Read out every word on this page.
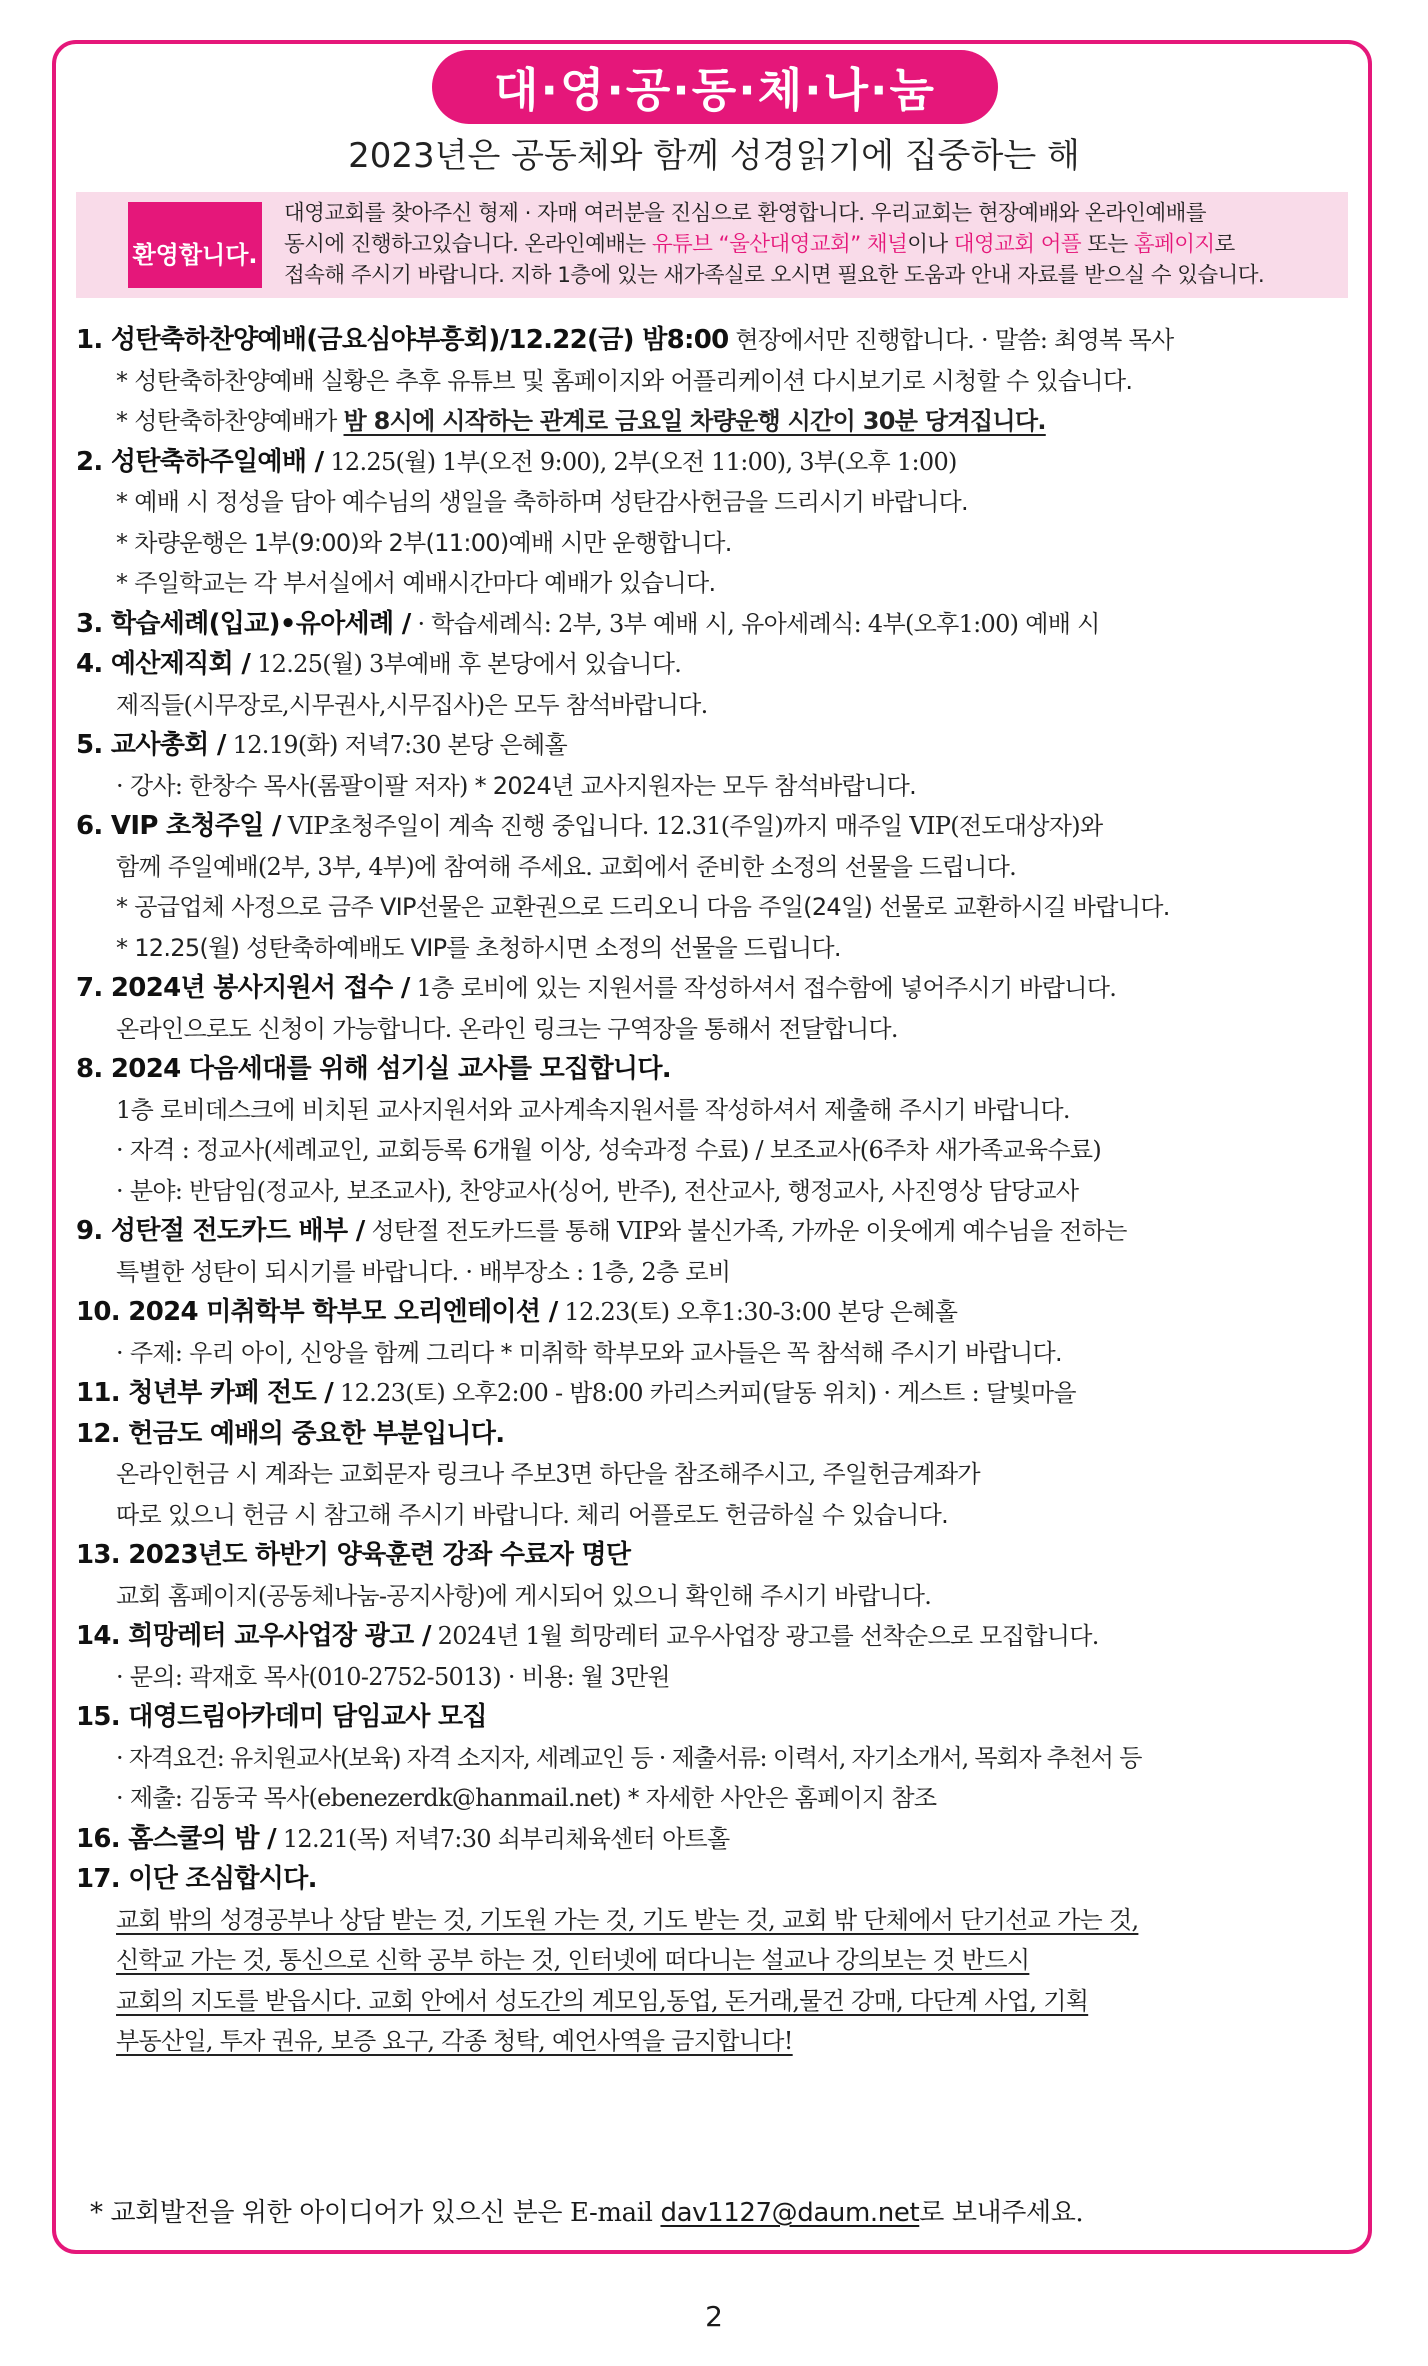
대·영·공·동·체·나·눔
2023년은 공동체와 함께 성경읽기에 집중하는 해
환영합니다.
대영교회를 찾아주신 형제 · 자매 여러분을 진심으로 환영합니다. 우리교회는 현장예배와 온라인예배를
동시에 진행하고있습니다. 온라인예배는 유튜브 “울산대영교회” 채널이나 대영교회 어플 또는 홈페이지로
접속해 주시기 바랍니다. 지하 1층에 있는 새가족실로 오시면 필요한 도움과 안내 자료를 받으실 수 있습니다.
1. 성탄축하찬양예배(금요심야부흥회)/12.22(금) 밤8:00 현장에서만 진행합니다. · 말씀: 최영복 목사
* 성탄축하찬양예배 실황은 추후 유튜브 및 홈페이지와 어플리케이션 다시보기로 시청할 수 있습니다.
* 성탄축하찬양예배가 밤 8시에 시작하는 관계로 금요일 차량운행 시간이 30분 당겨집니다.
2. 성탄축하주일예배 / 12.25(월) 1부(오전 9:00), 2부(오전 11:00), 3부(오후 1:00)
* 예배 시 정성을 담아 예수님의 생일을 축하하며 성탄감사헌금을 드리시기 바랍니다.
* 차량운행은 1부(9:00)와 2부(11:00)예배 시만 운행합니다.
* 주일학교는 각 부서실에서 예배시간마다 예배가 있습니다.
3. 학습세례(입교)•유아세례 / · 학습세례식: 2부, 3부 예배 시, 유아세례식: 4부(오후1:00) 예배 시
4. 예산제직회 / 12.25(월) 3부예배 후 본당에서 있습니다.
제직들(시무장로,시무권사,시무집사)은 모두 참석바랍니다.
5. 교사총회 / 12.19(화) 저녁7:30 본당 은혜홀
· 강사: 한창수 목사(롬팔이팔 저자) * 2024년 교사지원자는 모두 참석바랍니다.
6. VIP 초청주일 / VIP초청주일이 계속 진행 중입니다. 12.31(주일)까지 매주일 VIP(전도대상자)와
함께 주일예배(2부, 3부, 4부)에 참여해 주세요. 교회에서 준비한 소정의 선물을 드립니다.
* 공급업체 사정으로 금주 VIP선물은 교환권으로 드리오니 다음 주일(24일) 선물로 교환하시길 바랍니다.
* 12.25(월) 성탄축하예배도 VIP를 초청하시면 소정의 선물을 드립니다.
7. 2024년 봉사지원서 접수 / 1층 로비에 있는 지원서를 작성하셔서 접수함에 넣어주시기 바랍니다.
온라인으로도 신청이 가능합니다. 온라인 링크는 구역장을 통해서 전달합니다.
8. 2024 다음세대를 위해 섬기실 교사를 모집합니다.
1층 로비데스크에 비치된 교사지원서와 교사계속지원서를 작성하셔서 제출해 주시기 바랍니다.
· 자격 : 정교사(세례교인, 교회등록 6개월 이상, 성숙과정 수료) / 보조교사(6주차 새가족교육수료)
· 분야: 반담임(정교사, 보조교사), 찬양교사(싱어, 반주), 전산교사, 행정교사, 사진영상 담당교사
9. 성탄절 전도카드 배부 / 성탄절 전도카드를 통해 VIP와 불신가족, 가까운 이웃에게 예수님을 전하는
특별한 성탄이 되시기를 바랍니다. · 배부장소 : 1층, 2층 로비
10. 2024 미취학부 학부모 오리엔테이션 / 12.23(토) 오후1:30-3:00 본당 은혜홀
· 주제: 우리 아이, 신앙을 함께 그리다 * 미취학 학부모와 교사들은 꼭 참석해 주시기 바랍니다.
11. 청년부 카페 전도 / 12.23(토) 오후2:00 - 밤8:00 카리스커피(달동 위치) · 게스트 : 달빛마을
12. 헌금도 예배의 중요한 부분입니다.
온라인헌금 시 계좌는 교회문자 링크나 주보3면 하단을 참조해주시고, 주일헌금계좌가
따로 있으니 헌금 시 참고해 주시기 바랍니다. 체리 어플로도 헌금하실 수 있습니다.
13. 2023년도 하반기 양육훈련 강좌 수료자 명단
교회 홈페이지(공동체나눔-공지사항)에 게시되어 있으니 확인해 주시기 바랍니다.
14. 희망레터 교우사업장 광고 / 2024년 1월 희망레터 교우사업장 광고를 선착순으로 모집합니다.
· 문의: 곽재호 목사(010-2752-5013) · 비용: 월 3만원
15. 대영드림아카데미 담임교사 모집
· 자격요건: 유치원교사(보육) 자격 소지자, 세례교인 등 · 제출서류: 이력서, 자기소개서, 목회자 추천서 등
· 제출: 김동국 목사(ebenezerdk@hanmail.net) * 자세한 사안은 홈페이지 참조
16. 홈스쿨의 밤 / 12.21(목) 저녁7:30 쇠부리체육센터 아트홀
17. 이단 조심합시다.
교회 밖의 성경공부나 상담 받는 것, 기도원 가는 것, 기도 받는 것, 교회 밖 단체에서 단기선교 가는 것,
신학교 가는 것, 통신으로 신학 공부 하는 것, 인터넷에 떠다니는 설교나 강의보는 것 반드시
교회의 지도를 받읍시다. 교회 안에서 성도간의 계모임,동업, 돈거래,물건 강매, 다단계 사업, 기획
부동산일, 투자 권유, 보증 요구, 각종 청탁, 예언사역을 금지합니다!
* 교회발전을 위한 아이디어가 있으신 분은 E-mail dav1127@daum.net로 보내주세요.
2
